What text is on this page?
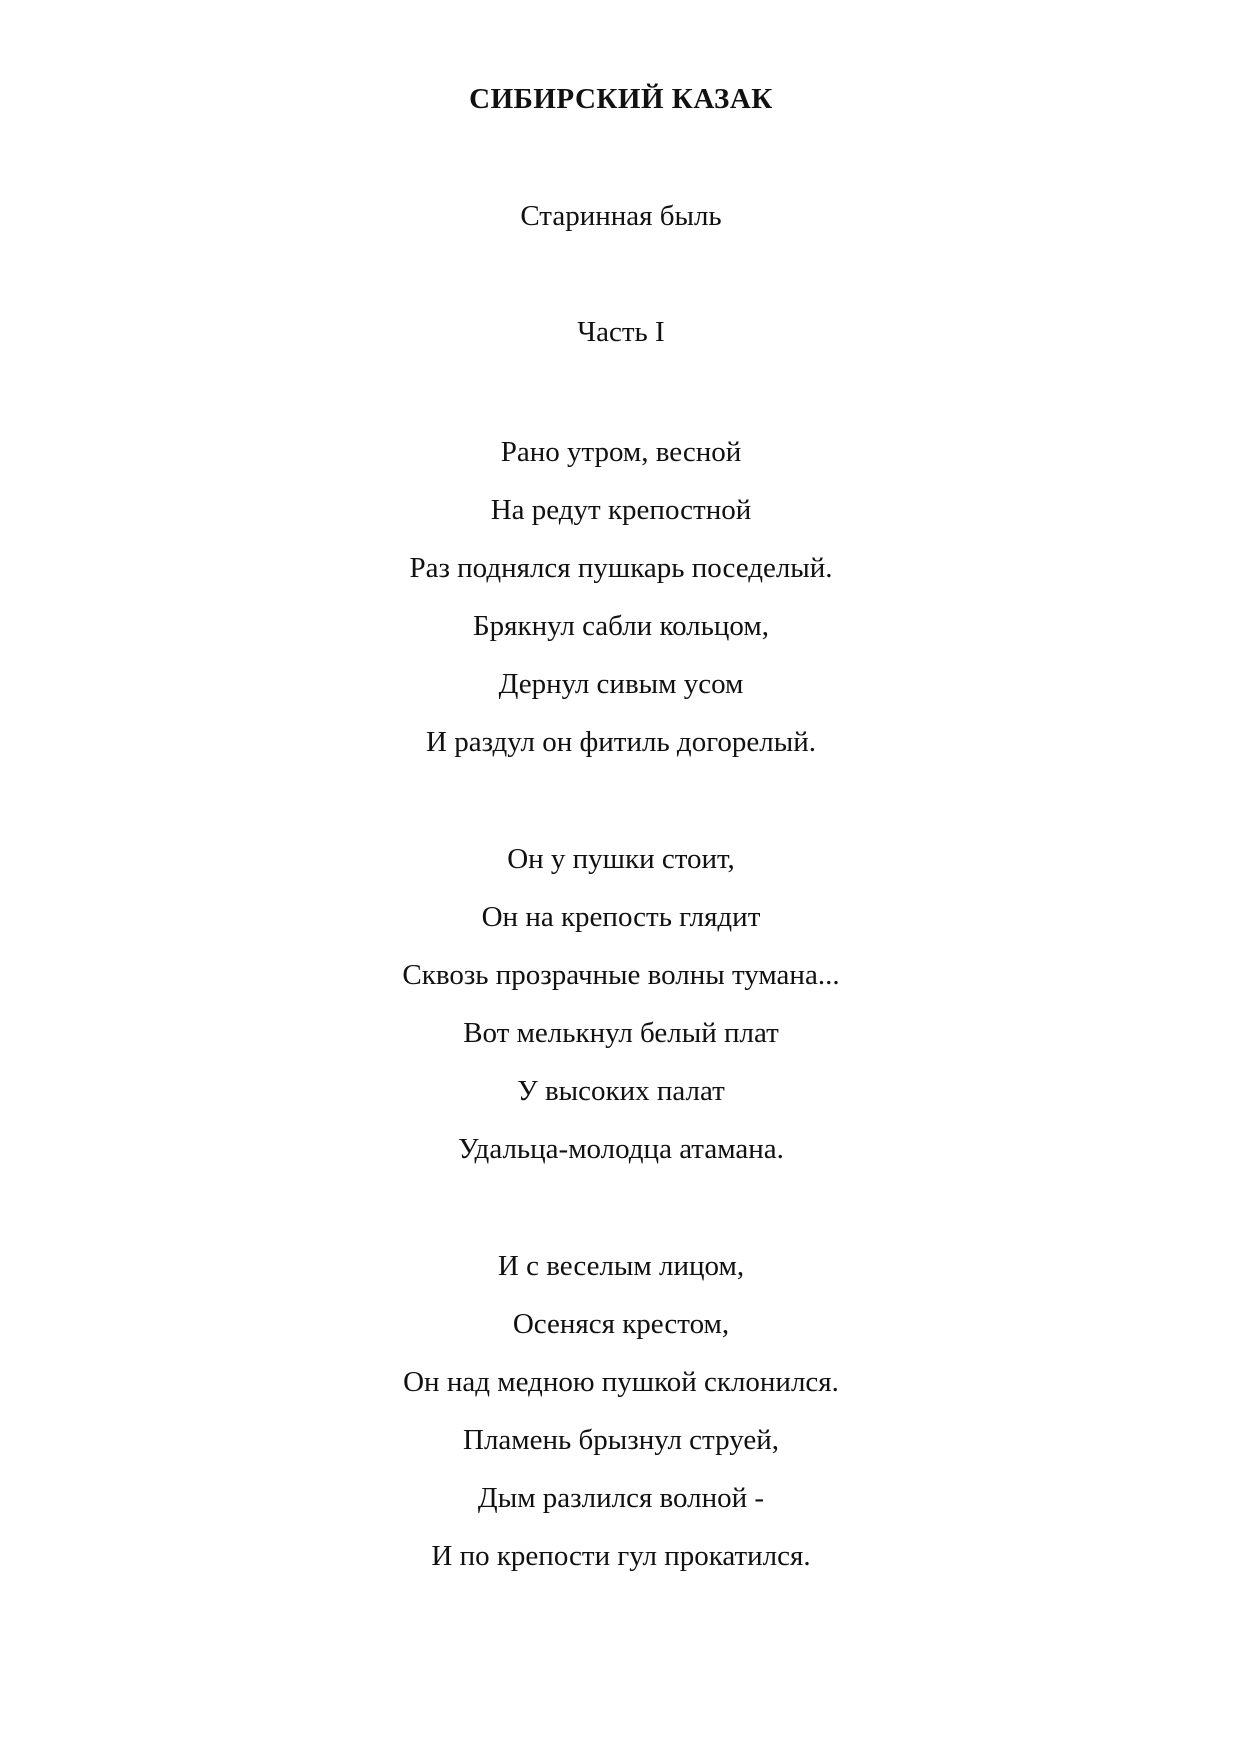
СИБИРСКИЙ КАЗАК
Старинная быль
Часть I
Рано утром, весной
На редут крепостной
Раз поднялся пушкарь поседелый.
Брякнул сабли кольцом,
Дернул сивым усом
И раздул он фитиль догорелый.
Он у пушки стоит,
Он на крепость глядит
Сквозь прозрачные волны тумана...
Вот мелькнул белый плат
У высоких палат
Удальца-молодца атамана.
И с веселым лицом,
Осеняся крестом,
Он над медною пушкой склонился.
Пламень брызнул струей,
Дым разлился волной -
И по крепости гул прокатился.
